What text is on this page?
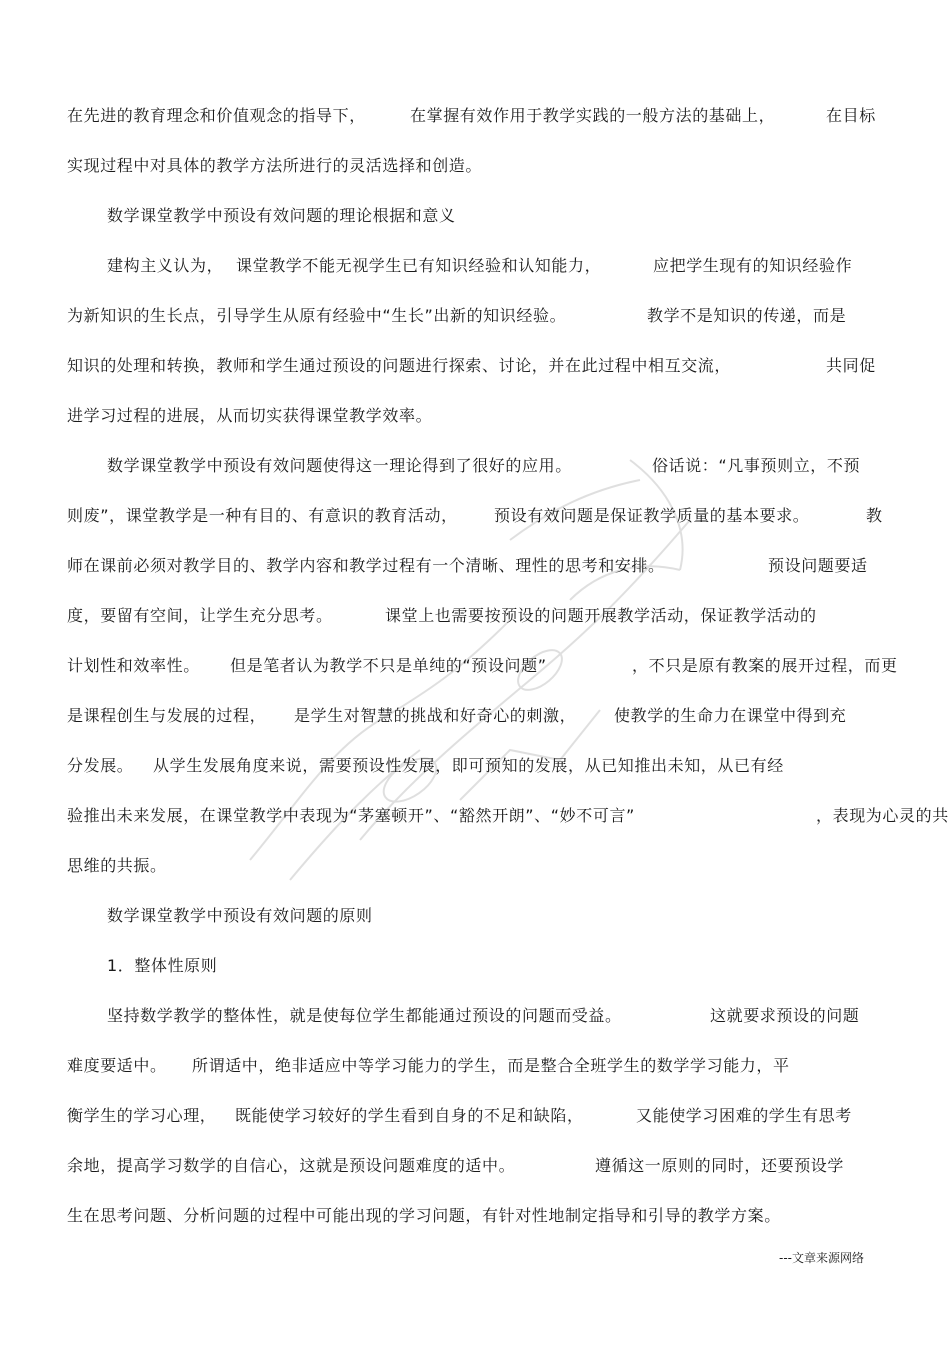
在先进的教育理念和价值观念的指导下，	在掌握有效作用于教学实践的一般方法的基础上，	在目标
实现过程中对具体的教学方法所进行的灵活选择和创造。
数学课堂教学中预设有效问题的理论根据和意义
建构主义认为， 课堂教学不能无视学生已有知识经验和认知能力，	应把学生现有的知识经验作
为新知识的生长点，引导学生从原有经验中“生长”出新的知识经验。	教学不是知识的传递，而是
知识的处理和转换，教师和学生通过预设的问题进行探索、讨论，并在此过程中相互交流，	共同促
进学习过程的进展，从而切实获得课堂教学效率。
数学课堂教学中预设有效问题使得这一理论得到了很好的应用。	俗话说：“凡事预则立，不预
则废”，课堂教学是一种有目的、有意识的教育活动， 预设有效问题是保证教学质量的基本要求。	教
师在课前必须对教学目的、教学内容和教学过程有一个清晰、理性的思考和安排。	预设问题要适
度，要留有空间，让学生充分思考。	课堂上也需要按预设的问题开展教学活动，保证教学活动的
计划性和效率性。 但是笔者认为教学不只是单纯的“预设问题”	，不只是原有教案的展开过程，而更
是课程创生与发展的过程， 是学生对智慧的挑战和好奇心的刺激， 使教学的生命力在课堂中得到充
分发展。 从学生发展角度来说，需要预设性发展，即可预知的发展，从已知推出未知，从已有经
验推出未来发展，在课堂教学中表现为“茅塞顿开”、“豁然开朗”、“妙不可言”	，表现为心灵的共
思维的共振。
数学课堂教学中预设有效问题的原则
1．整体性原则
坚持数学教学的整体性，就是使每位学生都能通过预设的问题而受益。	这就要求预设的问题
难度要适中。 所谓适中，绝非适应中等学习能力的学生，而是整合全班学生的数学学习能力，平
衡学生的学习心理， 既能使学习较好的学生看到自身的不足和缺陷，	又能使学习困难的学生有思考
余地，提高学习数学的自信心，这就是预设问题难度的适中。	遵循这一原则的同时，还要预设学
生在思考问题、分析问题的过程中可能出现的学习问题，有针对性地制定指导和引导的教学方案。
---文章来源网络
